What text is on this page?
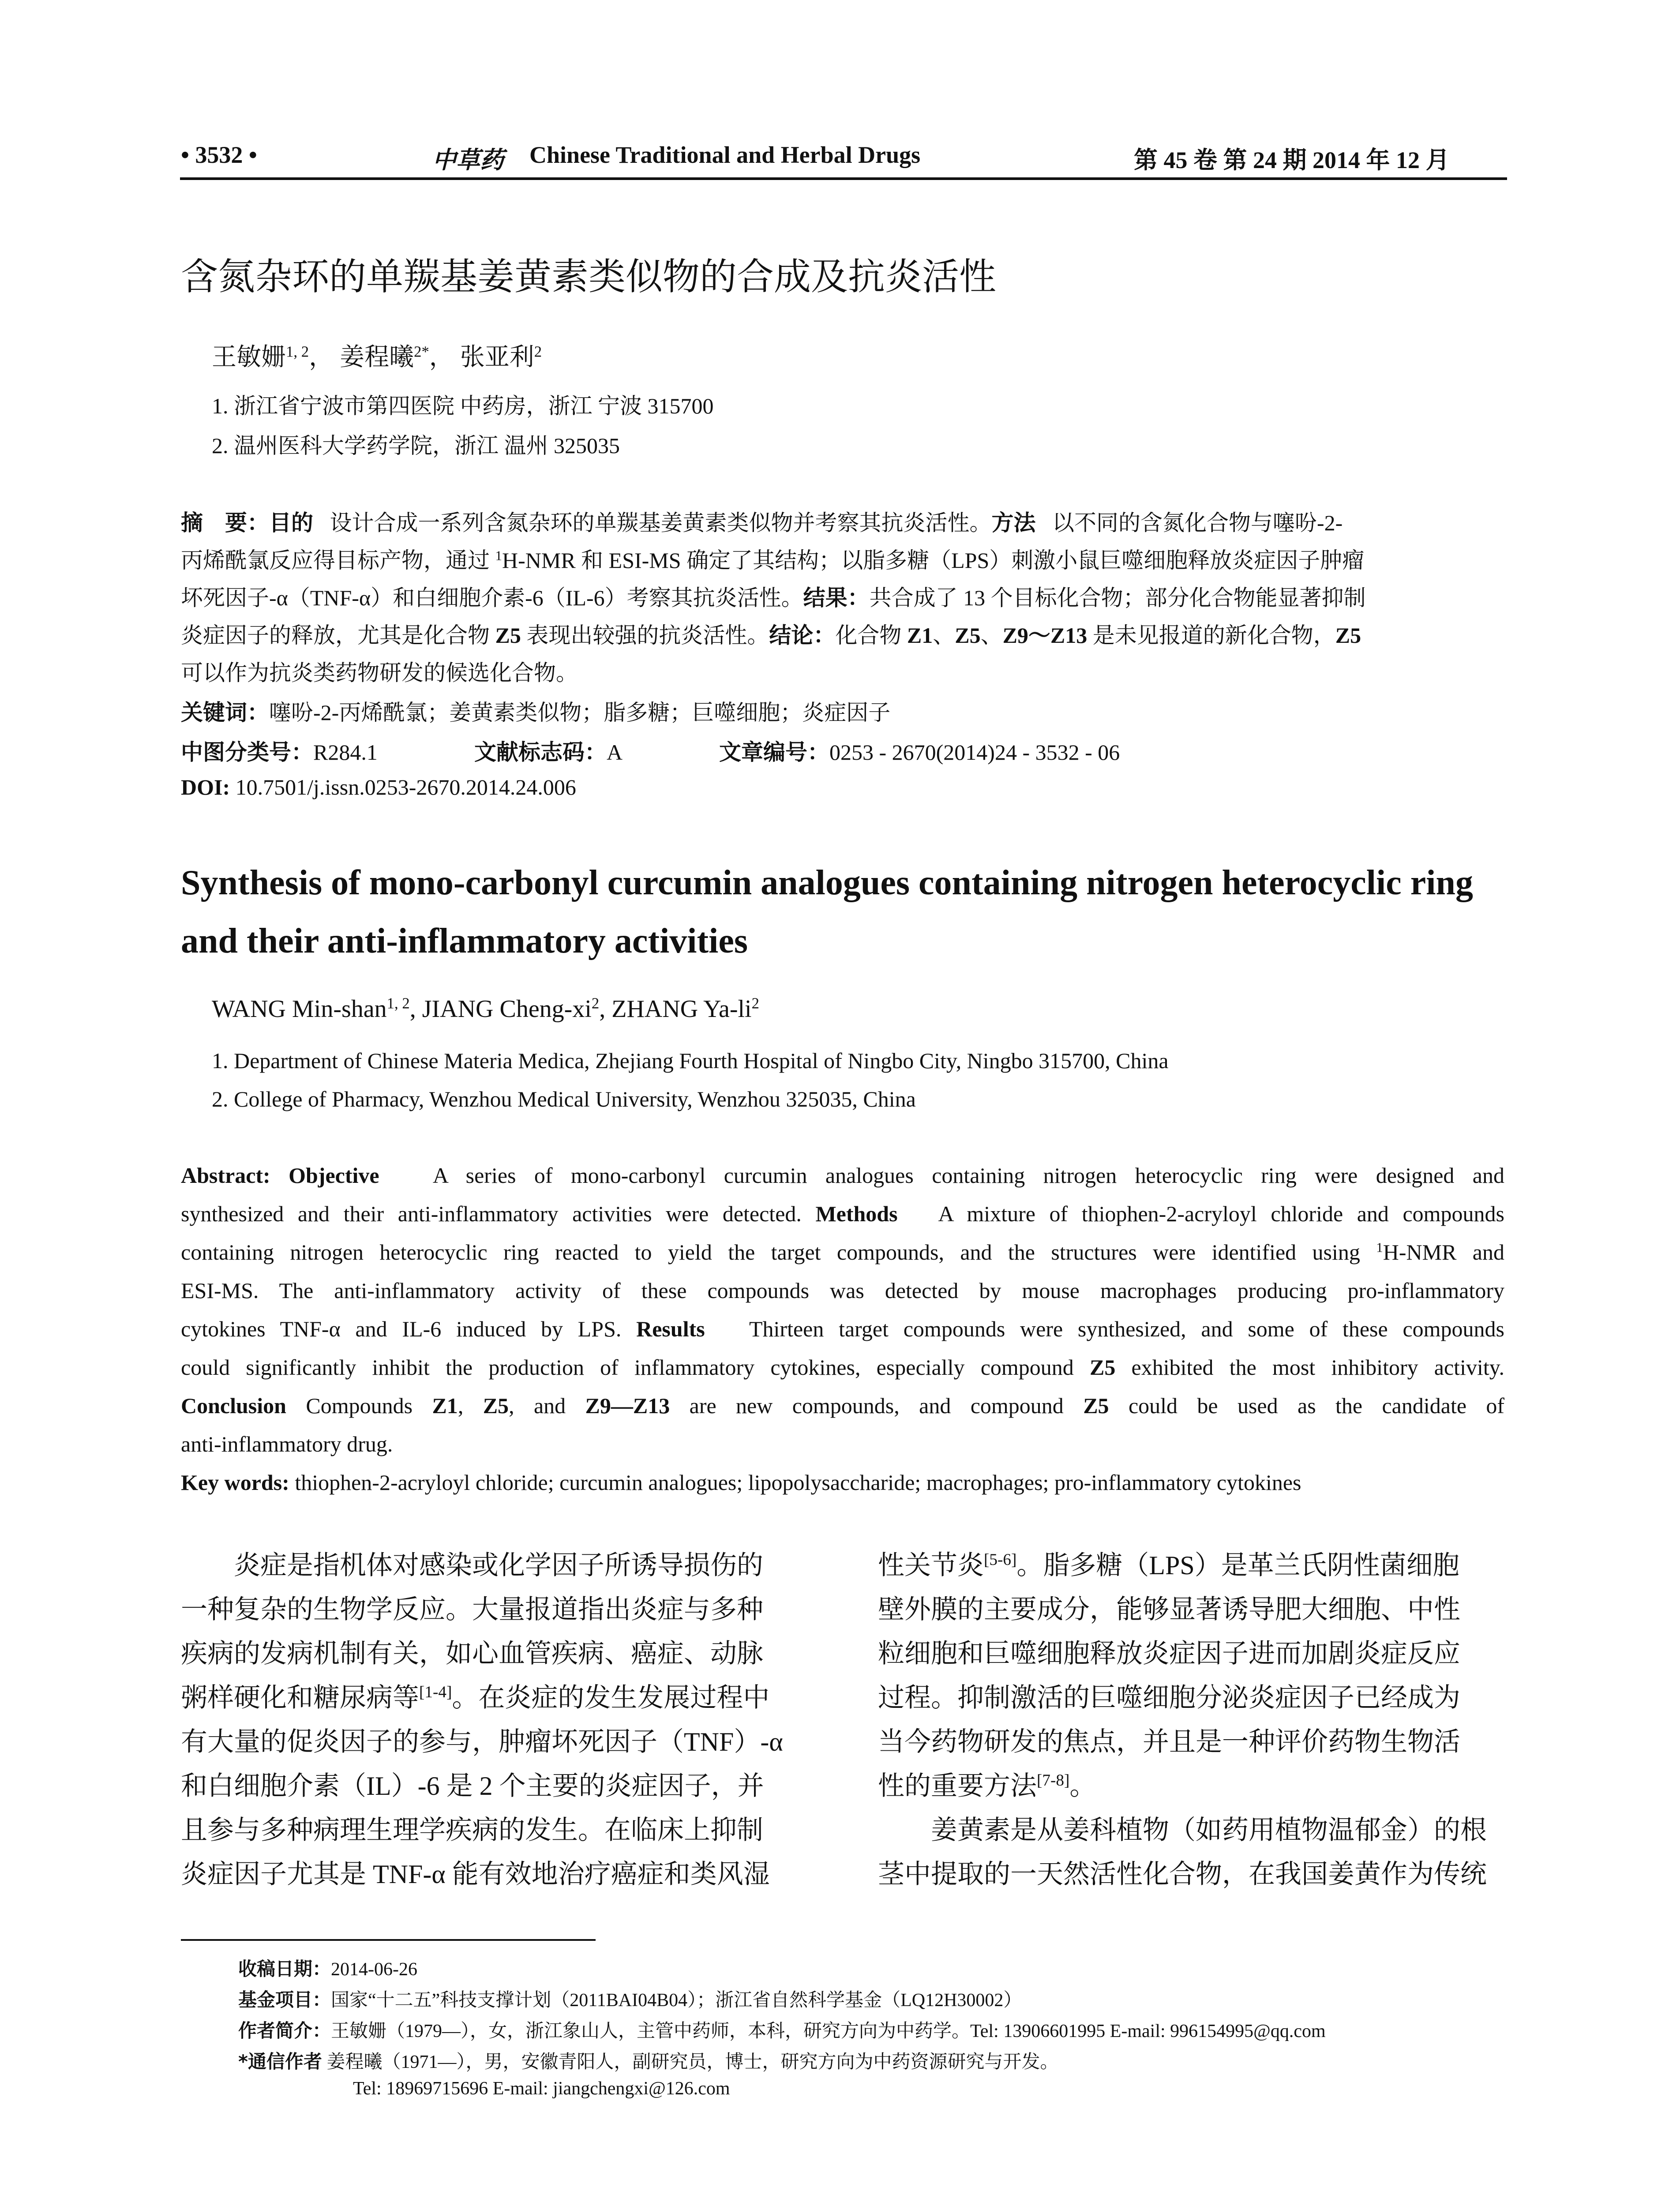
• 3532 •	中草药 Chinese Traditional and Herbal Drugs	第 45 卷 第 24 期 2014 年 12 月
含氮杂环的单羰基姜黄素类似物的合成及抗炎活性
王敏姗$^{1, 2}$， 姜程曦$^{2*}$， 张亚利$^2$
1. 浙江省宁波市第四医院 中药房，浙江 宁波 315700
2. 温州医科大学药学院，浙江 温州 325035
摘　要：目的 设计合成一系列含氮杂环的单羰基姜黄素类似物并考察其抗炎活性。方法 以不同的含氮化合物与噻吩-2-
丙烯酰氯反应得目标产物，通过 $^1$H-NMR 和 ESI-MS 确定了其结构；以脂多糖（LPS）刺激小鼠巨噬细胞释放炎症因子肿瘤
坏死因子-α（TNF-α）和白细胞介素-6（IL-6）考察其抗炎活性。结果：共合成了 13 个目标化合物；部分化合物能显著抑制
炎症因子的释放，尤其是化合物 Z5 表现出较强的抗炎活性。结论：化合物 Z1、Z5、Z9～Z13 是未见报道的新化合物，Z5
可以作为抗炎类药物研发的候选化合物。
关键词：噻吩-2-丙烯酰氯；姜黄素类似物；脂多糖；巨噬细胞；炎症因子
中图分类号：R284.1	文献标志码：A	文章编号：0253 - 2670(2014)24 - 3532 - 06
DOI: 10.7501/j.issn.0253-2670.2014.24.006
Synthesis of mono-carbonyl curcumin analogues containing nitrogen heterocyclic ring and their anti-inflammatory activities
WANG Min-shan$^{1, 2}$, JIANG Cheng-$xi^2$, ZHANG $Ya-li^2$
1. Department of Chinese Materia Medica, Zhejiang Fourth Hospital of Ningbo City, Ningbo 315700, China
2. College of Pharmacy, Wenzhou Medical University, Wenzhou 325035, China
Abstract: Objective A series of mono-carbonyl curcumin analogues containing nitrogen heterocyclic ring were designed and
synthesized and their anti-inflammatory activities were detected. Methods A mixture of thiophen-2-acryloyl chloride and compounds
containing nitrogen heterocyclic ring reacted to yield the target compounds, and the structures were identified using $^1$H-NMR and
ESI-MS. The anti-inflammatory activity of these compounds was detected by mouse macrophages producing pro-inflammatory
cytokines TNF-α and IL-6 induced by LPS. Results Thirteen target compounds were synthesized, and some of these compounds
could significantly inhibit the production of inflammatory cytokines, especially compound Z5 exhibited the most inhibitory activity.
Conclusion Compounds Z1, Z5, and Z9—Z13 are new compounds, and compound Z5 could be used as the candidate of
anti-inflammatory drug.
Key words: thiophen-2-acryloyl chloride; curcumin analogues; lipopolysaccharide; macrophages; pro-inflammatory cytokines
　　炎症是指机体对感染或化学因子所诱导损伤的
一种复杂的生物学反应。大量报道指出炎症与多种
疾病的发病机制有关，如心血管疾病、癌症、动脉
粥样硬化和糖尿病等[1-4]。在炎症的发生发展过程中
有大量的促炎因子的参与，肿瘤坏死因子（TNF）-α
和白细胞介素（IL）-6 是 2 个主要的炎症因子，并
且参与多种病理生理学疾病的发生。在临床上抑制
炎症因子尤其是 TNF-α 能有效地治疗癌症和类风湿
性关节炎[5-6]。脂多糖（LPS）是革兰氏阴性菌细胞
壁外膜的主要成分，能够显著诱导肥大细胞、中性
粒细胞和巨噬细胞释放炎症因子进而加剧炎症反应
过程。抑制激活的巨噬细胞分泌炎症因子已经成为
当今药物研发的焦点，并且是一种评价药物生物活
性的重要方法[7-8]。
　　姜黄素是从姜科植物（如药用植物温郁金）的根
茎中提取的一天然活性化合物，在我国姜黄作为传统
收稿日期：2014-06-26
基金项目：国家“十二五”科技支撑计划（2011BAI04B04）；浙江省自然科学基金（LQ12H30002）
作者简介：王敏姗（1979—），女，浙江象山人，主管中药师，本科，研究方向为中药学。Tel: 13906601995 E-mail: 996154995@qq.com
*通信作者 姜程曦（1971—），男，安徽青阳人，副研究员，博士，研究方向为中药资源研究与开发。
Tel: 18969715696 E-mail: jiangchengxi@126.com
